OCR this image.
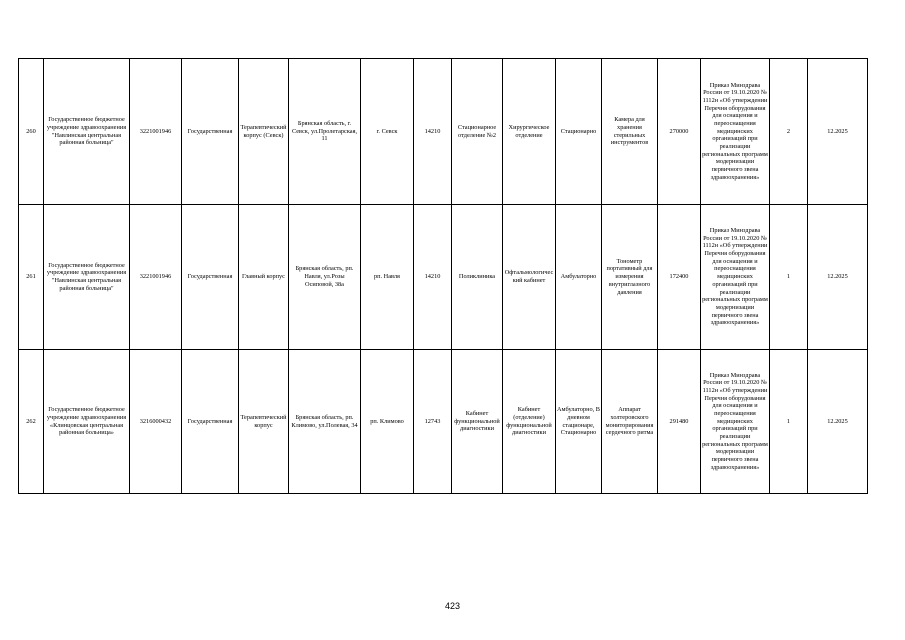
260	Государственное бюджетное учреждение здравоохранения "Навлинская центральная районная больница"	3221001946	Государственная	Терапевтический корпус (Севск)	Брянская область, г. Севск, ул.Пролетарская, 11	г. Севск	14210	Стационарное отделение №2	Хирургическое отделение	Стационарно	Камера для хранения стерильных инструментов	270000	Приказ Минздрава России от 19.10.2020 № 1112н «Об утверждении Перечня оборудования для оснащения и переоснащения медицинских организаций при реализации региональных программ модернизации первичного звена здравоохранения»	2	12.2025
261	Государственное бюджетное учреждение здравоохранения "Навлинская центральная районная больница"	3221001946	Государственная	Главный корпус	Брянская область, рп. Навля, ул.Розы Осиповой, 38а	рп. Навля	14210	Поликлиника	Офтальмологический кабинет	Амбулаторно	Тонометр портативный для измерения внутриглазного давления	172400	Приказ Минздрава России от 19.10.2020 № 1112н «Об утверждении Перечня оборудования для оснащения и переоснащения медицинских организаций при реализации региональных программ модернизации первичного звена здравоохранения»	1	12.2025
262	Государственное бюджетное учреждение здравоохранения «Клинцовская центральная районная больница»	3216000432	Государственная	Терапевтический корпус	Брянская область, рп. Климово, ул.Полевая, 34	рп. Климово	12743	Кабинет функциональной диагностики	Кабинет (отделение) функциональной диагностики	Амбулаторно, В дневном стационаре, Стационарно	Аппарат холтеровского мониторирования сердечного ритма	291480	Приказ Минздрава России от 19.10.2020 № 1112н «Об утверждении Перечня оборудования для оснащения и переоснащения медицинских организаций при реализации региональных программ модернизации первичного звена здравоохранения»	1	12.2025
423
